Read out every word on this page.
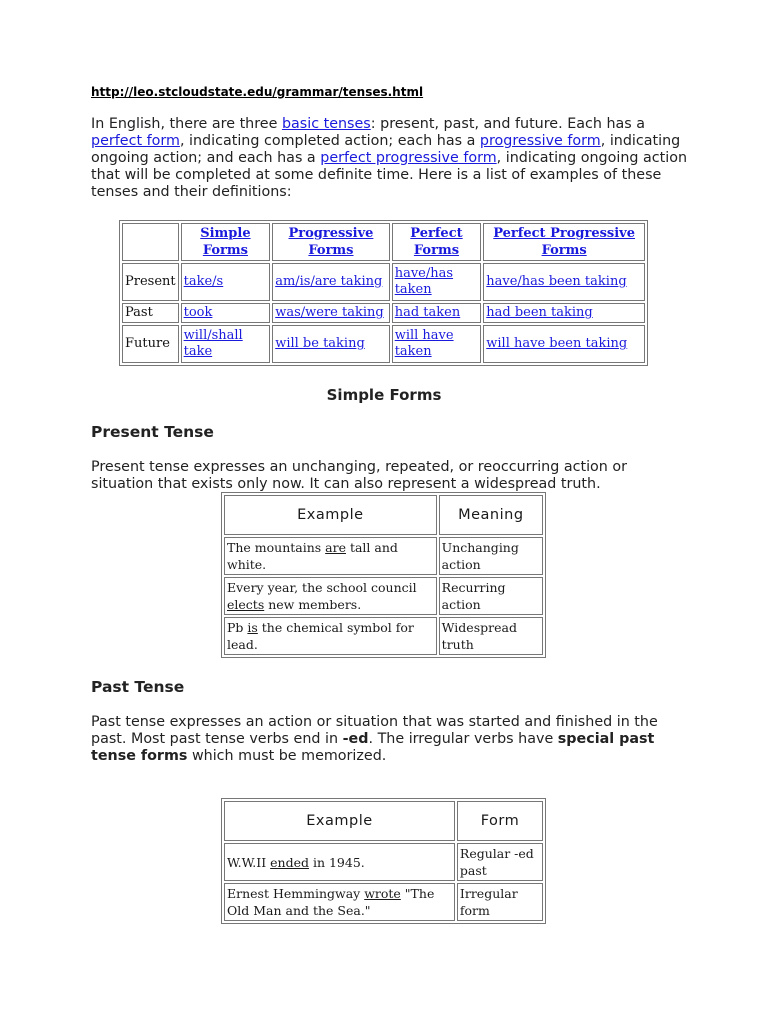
http://leo.stcloudstate.edu/grammar/tenses.html
In English, there are three basic tenses: present, past, and future. Each has a perfect form, indicating completed action; each has a progressive form, indicating ongoing action; and each has a perfect progressive form, indicating ongoing action that will be completed at some definite time. Here is a list of examples of these tenses and their definitions:
	Simple Forms	Progressive Forms	Perfect Forms	Perfect Progressive Forms
Present	take/s	am/is/are taking	have/has taken	have/has been taking
Past	took	was/were taking	had taken	had been taking
Future	will/shall take	will be taking	will have taken	will have been taking
Simple Forms
Present Tense

Present tense expresses an unchanging, repeated, or reoccurring action or situation that exists only now. It can also represent a widespread truth.

Example	Meaning
The mountains are tall and white.	Unchanging action
Every year, the school council elects new members.	Recurring action
Pb is the chemical symbol for lead.	Widespread truth
Past Tense

Past tense expresses an action or situation that was started and finished in the past. Most past tense verbs end in -ed. The irregular verbs have special past tense forms which must be memorized.

Example	Form
W.W.II ended in 1945.	Regular -ed past
Ernest Hemmingway wrote "The Old Man and the Sea."	Irregular form
